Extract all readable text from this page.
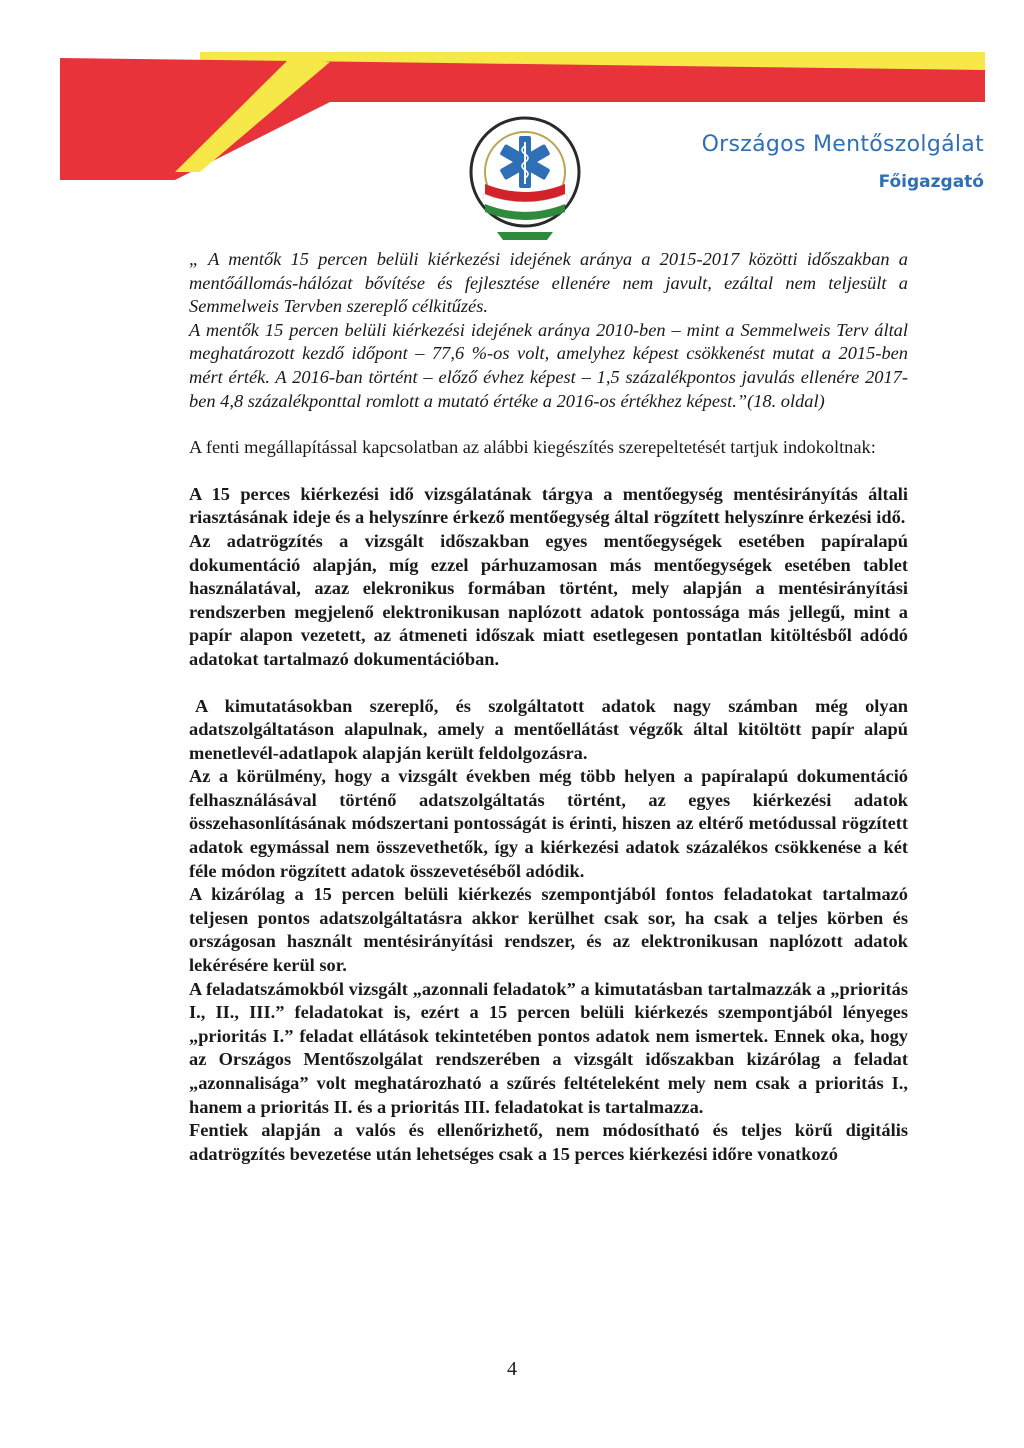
Országos Mentőszolgálat
Főigazgató

„ A mentők 15 percen belüli kiérkezési idejének aránya a 2015-2017 közötti időszakban a mentőállomás-hálózat bővítése és fejlesztése ellenére nem javult, ezáltal nem teljesült a Semmelweis Tervben szereplő célkitűzés.

A mentők 15 percen belüli kiérkezési idejének aránya 2010-ben – mint a Semmelweis Terv által meghatározott kezdő időpont – 77,6 %-os volt, amelyhez képest csökkenést mutat a 2015-ben mért érték. A 2016-ban történt – előző évhez képest – 1,5 százalékpontos javulás ellenére 2017-ben 4,8 százalékponttal romlott a mutató értéke a 2016-os értékhez képest.”(18. oldal)

A fenti megállapítással kapcsolatban az alábbi kiegészítés szerepeltetését tartjuk indokoltnak:

A 15 perces kiérkezési idő vizsgálatának tárgya a mentőegység mentésirányítás általi riasztásának ideje és a helyszínre érkező mentőegység által rögzített helyszínre érkezési idő.

Az adatrögzítés a vizsgált időszakban egyes mentőegységek esetében papíralapú dokumentáció alapján, míg ezzel párhuzamosan más mentőegységek esetében tablet használatával, azaz elekronikus formában történt, mely alapján a mentésirányítási rendszerben megjelenő elektronikusan naplózott adatok pontossága más jellegű, mint a papír alapon vezetett, az átmeneti időszak miatt esetlegesen pontatlan kitöltésből adódó adatokat tartalmazó dokumentációban.

A kimutatásokban szereplő, és szolgáltatott adatok nagy számban még olyan adatszolgáltatáson alapulnak, amely a mentőellátást végzők által kitöltött papír alapú menetlevél-adatlapok alapján került feldolgozásra.

Az a körülmény, hogy a vizsgált években még több helyen a papíralapú dokumentáció felhasználásával történő adatszolgáltatás történt, az egyes kiérkezési adatok összehasonlításának módszertani pontosságát is érinti, hiszen az eltérő metódussal rögzített adatok egymással nem összevethetők, így a kiérkezési adatok százalékos csökkenése a két féle módon rögzített adatok összevetéséből adódik.

A kizárólag a 15 percen belüli kiérkezés szempontjából fontos feladatokat tartalmazó teljesen pontos adatszolgáltatásra akkor kerülhet csak sor, ha csak a teljes körben és országosan használt mentésirányítási rendszer, és az elektronikusan naplózott adatok lekérésére kerül sor.

A feladatszámokból vizsgált „azonnali feladatok” a kimutatásban tartalmazzák a „prioritás I., II., III.” feladatokat is, ezért a 15 percen belüli kiérkezés szempontjából lényeges „prioritás I.” feladat ellátások tekintetében pontos adatok nem ismertek. Ennek oka, hogy az Országos Mentőszolgálat rendszerében a vizsgált időszakban kizárólag a feladat „azonnalisága” volt meghatározható a szűrés feltételeként mely nem csak a prioritás I., hanem a prioritás II. és a prioritás III. feladatokat is tartalmazza.

Fentiek alapján a valós és ellenőrizhető, nem módosítható és teljes körű digitális adatrögzítés bevezetése után lehetséges csak a 15 perces kiérkezési időre vonatkozó

4
